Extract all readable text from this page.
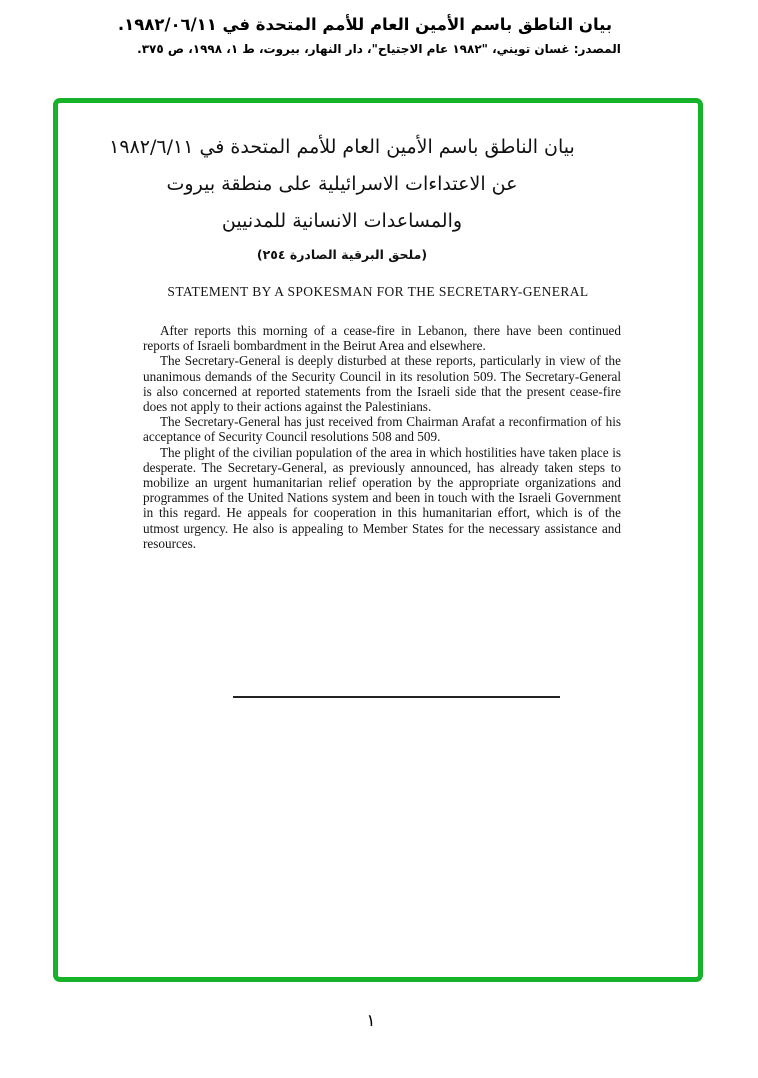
بيان الناطق باسم الأمين العام للأمم المتحدة في ١٩٨٢/٠٦/١١.
المصدر: غسان تويني، "١٩٨٢ عام الاجتياح"، دار النهار، بيروت، ط ١، ١٩٩٨، ص ٣٧٥.
بيان الناطق باسم الأمين العام للأمم المتحدة في ١٩٨٢/٦/١١
عن الاعتداءات الاسرائيلية على منطقة بيروت
والمساعدات الانسانية للمدنيين
(ملحق البرقية الصادرة ٢٥٤)
STATEMENT BY A SPOKESMAN FOR THE SECRETARY-GENERAL

After reports this morning of a cease-fire in Lebanon, there have been continued reports of Israeli bombardment in the Beirut Area and elsewhere.

The Secretary-General is deeply disturbed at these reports, particularly in view of the unanimous demands of the Security Council in its resolution 509. The Secretary-General is also concerned at reported statements from the Israeli side that the present cease-fire does not apply to their actions against the Palestinians.

The Secretary-General has just received from Chairman Arafat a reconfirmation of his acceptance of Security Council resolutions 508 and 509.

The plight of the civilian population of the area in which hostilities have taken place is desperate. The Secretary-General, as previously announced, has already taken steps to mobilize an urgent humanitarian relief operation by the appropriate organizations and programmes of the United Nations system and been in touch with the Israeli Government in this regard. He appeals for cooperation in this humanitarian effort, which is of the utmost urgency. He also is appealing to Member States for the necessary assistance and resources.

١
